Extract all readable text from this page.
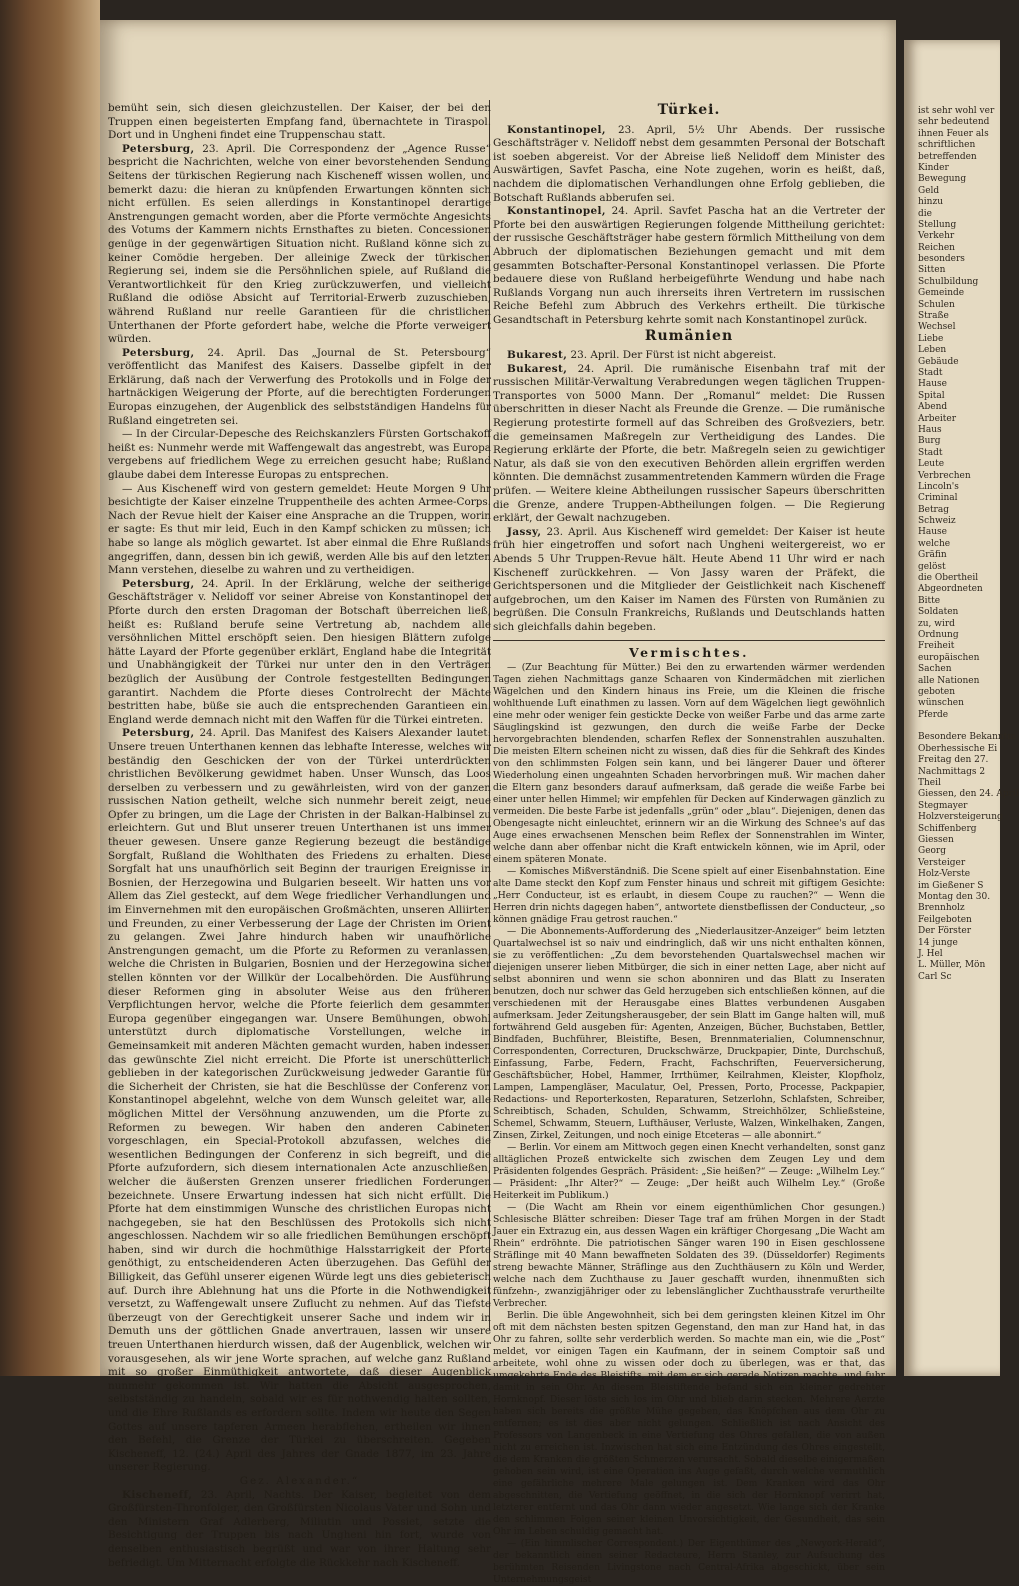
bemüht sein, sich diesen gleichzustellen. Der Kaiser, der bei den Truppen einen begeisterten Empfang fand, übernachtete in Tiraspol. Dort und in Ungheni findet eine Truppenschau statt.

Petersburg, 23. April. Die Correspondenz der „Agence Russe“ bespricht die Nachrichten, welche von einer bevorstehenden Sendung Seitens der türkischen Regierung nach Kischeneff wissen wollen, und bemerkt dazu: die hieran zu knüpfenden Erwartungen könnten sich nicht erfüllen. Es seien allerdings in Konstantinopel derartige Anstrengungen gemacht worden, aber die Pforte vermöchte Angesichts des Votums der Kammern nichts Ernsthaftes zu bieten. Concessionen genüge in der gegenwärtigen Situation nicht. Rußland könne sich zu keiner Comödie hergeben. Der alleinige Zweck der türkischen Regierung sei, indem sie die Persöhnlichen spiele, auf Rußland die Verantwortlichkeit für den Krieg zurückzuwerfen, und vielleicht Rußland die odiöse Absicht auf Territorial-Erwerb zuzuschieben, während Rußland nur reelle Garantieen für die christlichen Unterthanen der Pforte gefordert habe, welche die Pforte verweigert würden.

Petersburg, 24. April. Das „Journal de St. Petersbourg“ veröffentlicht das Manifest des Kaisers. Dasselbe gipfelt in der Erklärung, daß nach der Verwerfung des Protokolls und in Folge der hartnäckigen Weigerung der Pforte, auf die berechtigten Forderungen Europas einzugehen, der Augenblick des selbstständigen Handelns für Rußland eingetreten sei.

— In der Circular-Depesche des Reichskanzlers Fürsten Gortschakoff heißt es: Nunmehr werde mit Waffengewalt das angestrebt, was Europa vergebens auf friedlichem Wege zu erreichen gesucht habe; Rußland glaube dabei dem Interesse Europas zu entsprechen.

— Aus Kischeneff wird von gestern gemeldet: Heute Morgen 9 Uhr besichtigte der Kaiser einzelne Truppentheile des achten Armee-Corps. Nach der Revue hielt der Kaiser eine Ansprache an die Truppen, worin er sagte: Es thut mir leid, Euch in den Kampf schicken zu müssen; ich habe so lange als möglich gewartet. Ist aber einmal die Ehre Rußlands angegriffen, dann, dessen bin ich gewiß, werden Alle bis auf den letzten Mann verstehen, dieselbe zu wahren und zu vertheidigen.

Petersburg, 24. April. In der Erklärung, welche der seitherige Geschäftsträger v. Nelidoff vor seiner Abreise von Konstantinopel der Pforte durch den ersten Dragoman der Botschaft überreichen ließ, heißt es: Rußland berufe seine Vertretung ab, nachdem alle versöhnlichen Mittel erschöpft seien. Den hiesigen Blättern zufolge hätte Layard der Pforte gegenüber erklärt, England habe die Integrität und Unabhängigkeit der Türkei nur unter den in den Verträgen bezüglich der Ausübung der Controle festgestellten Bedingungen garantirt. Nachdem die Pforte dieses Controlrecht der Mächte bestritten habe, büße sie auch die entsprechenden Garantieen ein. England werde demnach nicht mit den Waffen für die Türkei eintreten.

Petersburg, 24. April. Das Manifest des Kaisers Alexander lautet: Unsere treuen Unterthanen kennen das lebhafte Interesse, welches wir beständig den Geschicken der von der Türkei unterdrückten christlichen Bevölkerung gewidmet haben. Unser Wunsch, das Loos derselben zu verbessern und zu gewährleisten, wird von der ganzen russischen Nation getheilt, welche sich nunmehr bereit zeigt, neue Opfer zu bringen, um die Lage der Christen in der Balkan-Halbinsel zu erleichtern. Gut und Blut unserer treuen Unterthanen ist uns immer theuer gewesen. Unsere ganze Regierung bezeugt die beständige Sorgfalt, Rußland die Wohlthaten des Friedens zu erhalten. Diese Sorgfalt hat uns unaufhörlich seit Beginn der traurigen Ereignisse in Bosnien, der Herzegowina und Bulgarien beseelt. Wir hatten uns vor Allem das Ziel gesteckt, auf dem Wege friedlicher Verhandlungen und im Einvernehmen mit den europäischen Großmächten, unseren Alliirten und Freunden, zu einer Verbesserung der Lage der Christen im Orient zu gelangen. Zwei Jahre hindurch haben wir unaufhörliche Anstrengungen gemacht, um die Pforte zu Reformen zu veranlassen, welche die Christen in Bulgarien, Bosnien und der Herzegowina sicher stellen könnten vor der Willkür der Localbehörden. Die Ausführung dieser Reformen ging in absoluter Weise aus den früheren Verpflichtungen hervor, welche die Pforte feierlich dem gesammten Europa gegenüber eingegangen war. Unsere Bemühungen, obwohl unterstützt durch diplomatische Vorstellungen, welche in Gemeinsamkeit mit anderen Mächten gemacht wurden, haben indessen das gewünschte Ziel nicht erreicht. Die Pforte ist unerschütterlich geblieben in der kategorischen Zurückweisung jedweder Garantie für die Sicherheit der Christen, sie hat die Beschlüsse der Conferenz von Konstantinopel abgelehnt, welche von dem Wunsch geleitet war, alle möglichen Mittel der Versöhnung anzuwenden, um die Pforte zu Reformen zu bewegen. Wir haben den anderen Cabineten vorgeschlagen, ein Special-Protokoll abzufassen, welches die wesentlichen Bedingungen der Conferenz in sich begreift, und die Pforte aufzufordern, sich diesem internationalen Acte anzuschließen, welcher die äußersten Grenzen unserer friedlichen Forderungen bezeichnete. Unsere Erwartung indessen hat sich nicht erfüllt. Die Pforte hat dem einstimmigen Wunsche des christlichen Europas nicht nachgegeben, sie hat den Beschlüssen des Protokolls sich nicht angeschlossen. Nachdem wir so alle friedlichen Bemühungen erschöpft haben, sind wir durch die hochmüthige Halsstarrigkeit der Pforte genöthigt, zu entscheidenderen Acten überzugehen. Das Gefühl der Billigkeit, das Gefühl unserer eigenen Würde legt uns dies gebieterisch auf. Durch ihre Ablehnung hat uns die Pforte in die Nothwendigkeit versetzt, zu Waffengewalt unsere Zuflucht zu nehmen. Auf das Tiefste überzeugt von der Gerechtigkeit unserer Sache und indem wir in Demuth uns der göttlichen Gnade anvertrauen, lassen wir unsere treuen Unterthanen hierdurch wissen, daß der Augenblick, welchen wir vorausgesehen, als wir jene Worte sprachen, auf welche ganz Rußland mit so großer Einmüthigkeit antwortete, daß dieser Augenblick nunmehr gekommen ist. Wir hatten die Absicht ausgesprochen, selbstständig zu handeln, sobald wir es für nothwendig halten sollten, und die Ehre Rußlands es erfordern sollte. Indem wir heute den Segen Gottes auf unsere tapferen Armeen herabflehen, ertheilen wir ihnen den Befehl, die Grenze der Türkei zu überschreiten. Gegeben Kischeneff, 12. (24.) April des Jahres der Gnade 1877, im 23. Jahre unserer Regierung.

Gez. Alexander.“

Kischeneff, 23. April, Nachts. Der Kaiser, begleitet von dem Großfürsten-Thronfolger, den Großfürsten Nicolaus Vater und Sohn und den Ministern Graf Adlerberg, Miliutin und Possiet, setzte die Besichtigung der Truppen bis nach Ungheni hin fort, wurde von denselben enthusiastisch begrüßt und war von ihrer Haltung sehr befriedigt. Um Mitternacht erfolgte die Rückkehr nach Kischeneff.

Türkei.

Konstantinopel, 23. April, 5½ Uhr Abends. Der russische Geschäftsträger v. Nelidoff nebst dem gesammten Personal der Botschaft ist soeben abgereist. Vor der Abreise ließ Nelidoff dem Minister des Auswärtigen, Savfet Pascha, eine Note zugehen, worin es heißt, daß, nachdem die diplomatischen Verhandlungen ohne Erfolg geblieben, die Botschaft Rußlands abberufen sei.

Konstantinopel, 24. April. Savfet Pascha hat an die Vertreter der Pforte bei den auswärtigen Regierungen folgende Mittheilung gerichtet: der russische Geschäftsträger habe gestern förmlich Mittheilung von dem Abbruch der diplomatischen Beziehungen gemacht und mit dem gesammten Botschafter-Personal Konstantinopel verlassen. Die Pforte bedauere diese von Rußland herbeigeführte Wendung und habe nach Rußlands Vorgang nun auch ihrerseits ihren Vertretern im russischen Reiche Befehl zum Abbruch des Verkehrs ertheilt. Die türkische Gesandtschaft in Petersburg kehrte somit nach Konstantinopel zurück.

Rumänien

Bukarest, 23. April. Der Fürst ist nicht abgereist.

Bukarest, 24. April. Die rumänische Eisenbahn traf mit der russischen Militär-Verwaltung Verabredungen wegen täglichen Truppen-Transportes von 5000 Mann. Der „Romanul“ meldet: Die Russen überschritten in dieser Nacht als Freunde die Grenze. — Die rumänische Regierung protestirte formell auf das Schreiben des Großveziers, betr. die gemeinsamen Maßregeln zur Vertheidigung des Landes. Die Regierung erklärte der Pforte, die betr. Maßregeln seien zu gewichtiger Natur, als daß sie von den executiven Behörden allein ergriffen werden könnten. Die demnächst zusammentretenden Kammern würden die Frage prüfen. — Weitere kleine Abtheilungen russischer Sapeurs überschritten die Grenze, andere Truppen-Abtheilungen folgen. — Die Regierung erklärt, der Gewalt nachzugeben.

Jassy, 23. April. Aus Kischeneff wird gemeldet: Der Kaiser ist heute früh hier eingetroffen und sofort nach Ungheni weitergereist, wo er Abends 5 Uhr Truppen-Revue hält. Heute Abend 11 Uhr wird er nach Kischeneff zurückkehren. — Von Jassy waren der Präfekt, die Gerichtspersonen und die Mitglieder der Geistlichkeit nach Kischeneff aufgebrochen, um den Kaiser im Namen des Fürsten von Rumänien zu begrüßen. Die Consuln Frankreichs, Rußlands und Deutschlands hatten sich gleichfalls dahin begeben.

Vermischtes.

— (Zur Beachtung für Mütter.) Bei den zu erwartenden wärmer werdenden Tagen ziehen Nachmittags ganze Schaaren von Kindermädchen mit zierlichen Wägelchen und den Kindern hinaus ins Freie, um die Kleinen die frische wohlthuende Luft einathmen zu lassen. Vorn auf dem Wägelchen liegt gewöhnlich eine mehr oder weniger fein gestickte Decke von weißer Farbe und das arme zarte Säuglingskind ist gezwungen, den durch die weiße Farbe der Decke hervorgebrachten blendenden, scharfen Reflex der Sonnenstrahlen auszuhalten. Die meisten Eltern scheinen nicht zu wissen, daß dies für die Sehkraft des Kindes von den schlimmsten Folgen sein kann, und bei längerer Dauer und öfterer Wiederholung einen ungeahnten Schaden hervorbringen muß. Wir machen daher die Eltern ganz besonders darauf aufmerksam, daß gerade die weiße Farbe bei einer unter hellen Himmel; wir empfehlen für Decken auf Kinderwagen gänzlich zu vermeiden. Die beste Farbe ist jedenfalls „grün“ oder „blau“. Diejenigen, denen das Obengesagte nicht einleuchtet, erinnern wir an die Wirkung des Schnee's auf das Auge eines erwachsenen Menschen beim Reflex der Sonnenstrahlen im Winter, welche dann aber offenbar nicht die Kraft entwickeln können, wie im April, oder einem späteren Monate.

— Komisches Mißverständniß. Die Scene spielt auf einer Eisenbahnstation. Eine alte Dame steckt den Kopf zum Fenster hinaus und schreit mit giftigem Gesichte: „Herr Conducteur, ist es erlaubt, in diesem Coupe zu rauchen?“ — Wenn die Herren drin nichts dagegen haben“, antwortete dienstbeflissen der Conducteur, „so können gnädige Frau getrost rauchen.“

— Die Abonnements-Aufforderung des „Niederlausitzer-Anzeiger“ beim letzten Quartalwechsel ist so naiv und eindringlich, daß wir uns nicht enthalten können, sie zu veröffentlichen: „Zu dem bevorstehenden Quartalswechsel machen wir diejenigen unserer lieben Mitbürger, die sich in einer netten Lage, aber nicht auf selbst abonniren und wenn sie schon abonniren und das Blatt zu Inseraten benutzen, doch nur schwer das Geld herzugeben sich entschließen können, auf die verschiedenen mit der Herausgabe eines Blattes verbundenen Ausgaben aufmerksam. Jeder Zeitungsherausgeber, der sein Blatt im Gange halten will, muß fortwährend Geld ausgeben für: Agenten, Anzeigen, Bücher, Buchstaben, Bettler, Bindfaden, Buchführer, Bleistifte, Besen, Brennmaterialien, Columnenschnur, Correspondenten, Correcturen, Druckschwärze, Druckpapier, Dinte, Durchschuß, Einfassung, Farbe, Federn, Fracht, Fachschriften, Feuerversicherung, Geschäftsbücher, Hobel, Hammer, Irrthümer, Keilrahmen, Kleister, Klopfholz, Lampen, Lampengläser, Maculatur, Oel, Pressen, Porto, Processe, Packpapier, Redactions- und Reporterkosten, Reparaturen, Setzerlohn, Schlafsten, Schreiber, Schreibtisch, Schaden, Schulden, Schwamm, Streichhölzer, Schließsteine, Schemel, Schwamm, Steuern, Lufthäuser, Verluste, Walzen, Winkelhaken, Zangen, Zinsen, Zirkel, Zeitungen, und noch einige Etceteras — alle abonnirt.“

— Berlin. Vor einem am Mittwoch gegen einen Knecht verhandelten, sonst ganz alltäglichen Prozeß entwickelte sich zwischen dem Zeugen Ley und dem Präsidenten folgendes Gespräch. Präsident: „Sie heißen?“ — Zeuge: „Wilhelm Ley.“ — Präsident: „Ihr Alter?“ — Zeuge: „Der heißt auch Wilhelm Ley.“ (Große Heiterkeit im Publikum.)

— (Die Wacht am Rhein vor einem eigenthümlichen Chor gesungen.) Schlesische Blätter schreiben: Dieser Tage traf am frühen Morgen in der Stadt Jauer ein Extrazug ein, aus dessen Wagen ein kräftiger Chorgesang „Die Wacht am Rhein“ erdröhnte. Die patriotischen Sänger waren 190 in Eisen geschlossene Sträflinge mit 40 Mann bewaffneten Soldaten des 39. (Düsseldorfer) Regiments streng bewachte Männer, Sträflinge aus den Zuchthäusern zu Köln und Werder, welche nach dem Zuchthause zu Jauer geschafft wurden, ihnenmußten sich fünfzehn-, zwanzigjähriger oder zu lebenslänglicher Zuchthausstrafe verurtheilte Verbrecher.

Berlin. Die üble Angewohnheit, sich bei dem geringsten kleinen Kitzel im Ohr oft mit dem nächsten besten spitzen Gegenstand, den man zur Hand hat, in das Ohr zu fahren, sollte sehr verderblich werden. So machte man ein, wie die „Post“ meldet, vor einigen Tagen ein Kaufmann, der in seinem Comptoir saß und arbeitete, wohl ohne zu wissen oder doch zu überlegen, was er that, das umgekehrte Ende des Bleistifts, mit dem er sich gerade Notizen machte, und fuhr damit in sein Ohr. An diesem Bleistiftende befand sich ein kleiner gedrehter Hornknopf. Dieser löste sich los im Ohr und blieb darin stecken. Mehrere Aerzte haben sich bereits die größte Mühe gegeben, das Knöpfchen aus dem Ohr zu entfernen; es ist dies aber nicht gelungen. Schließlich ist nach Ansicht des Professors von Langenbeck in eine Vertiefung des Ohres gefallen, die von außen nicht zu erreichen ist. Inzwischen hat sich eine Entzündung des Ohres eingestellt, die dem Kranken die größten Schmerzen verursacht. Sobald dieselbe einigermaßen gehoben sein wird, ist eine Operation ins Auge gefaßt, durch welche vermuthlich eine gefährliche mehrere Male gelungen ist. Dem Kranken wird das Ohr abgeschnitten, die Vertiefung geöffnet, in die sich der Hornknopf verirrt hat, letzterer entfernt und das Ohr dann wieder angesetzt. Wie lange sich der Kranke den schlimmen Folgen seiner kleinen Unvorsichtigkeit, der Gesundheit, das sein Ohr im Leben schuldig gemacht hat.

— (Ein himmlischer Correspondent.) Der Eigenthümer des „Newyork-Herald“, der bekanntlich einen seiner Redacteure, Herrn Stanley, zur Aufsuchung des berühmten Reisenden Livingstone nach Central-Afrika abgeschickt, über sein Unternehmungsgeist

ist sehr wohl ver
sehr bedeutend
ihnen Feuer als
schriftlichen
betreffenden
Kinder
Bewegung
Geld
hinzu
die
Stellung
Verkehr
Reichen
besonders
Sitten
Schulbildung
Gemeinde
Schulen
Straße
Wechsel
Liebe
Leben
Gebäude
Stadt
Hause
Spital
Abend
Arbeiter
Haus
Burg
Stadt
Leute
Verbrechen
Lincoln's
Criminal
Betrag
Schweiz
Hause
welche
Gräfin
gelöst
die Obertheil
Abgeordneten
Bitte
Soldaten
zu, wird
Ordnung
Freiheit
europäischen
Sachen
alle Nationen
geboten
wünschen
Pferde
Besondere Bekanntm
Oberhessische Ei
Freitag den 27.
Nachmittags 2
Theil
Giessen, den 24. April
Stegmayer
Holzversteigerung
Schiffenberg
Giessen
Georg
Versteiger
Holz-Verste
im Gießener S
Montag den 30.
Brennholz
Feilgeboten
Der Förster
14 junge
J. Hel
L. Müller, Mön
Carl Sc
